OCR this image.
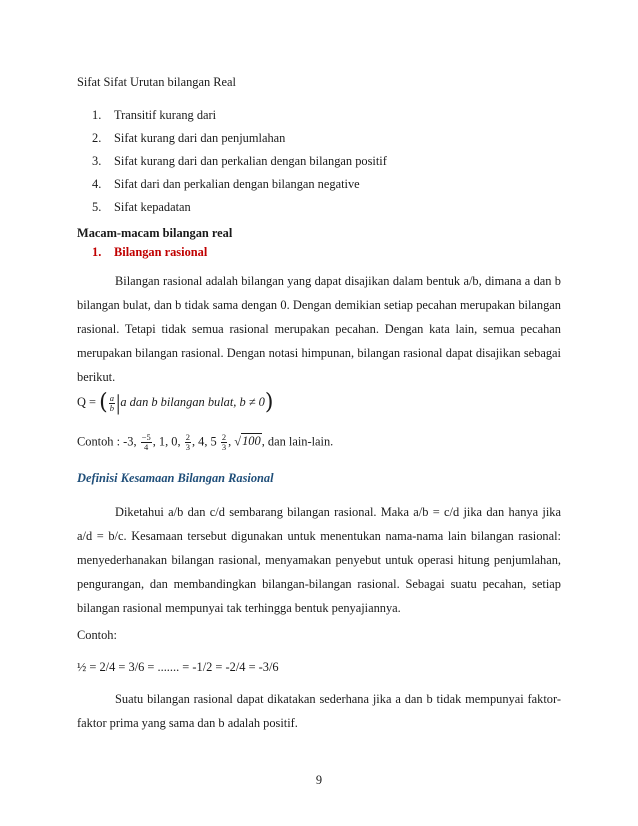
Sifat Sifat Urutan bilangan Real
1. Transitif kurang dari
2. Sifat kurang dari dan penjumlahan
3. Sifat kurang dari dan perkalian dengan bilangan positif
4. Sifat dari dan perkalian dengan bilangan negative
5. Sifat kepadatan
Macam-macam bilangan real
1. Bilangan rasional
Bilangan rasional adalah bilangan yang dapat disajikan dalam bentuk a/b, dimana a dan b
bilangan bulat, dan b tidak sama dengan 0. Dengan demikian setiap pecahan merupakan bilangan
rasional. Tetapi tidak semua rasional merupakan pecahan. Dengan kata lain, semua pecahan
merupakan bilangan rasional. Dengan notasi himpunan, bilangan rasional dapat disajikan sebagai
berikut.
Q = ( $\frac{a}{b} |a$ dan b bilangan bulat, b ≠ 0)
Contoh : -3, $\frac{-5}{4}$ , 1, 0, $\frac{2}{3}$ , 4, $5 \frac{2}{3}$ , √100, dan lain-lain.
Definisi Kesamaan Bilangan Rasional
Diketahui a/b dan c/d sembarang bilangan rasional. Maka a/b = c/d jika dan hanya jika
a/d = b/c. Kesamaan tersebut digunakan untuk menentukan nama-nama lain bilangan rasional:
menyederhanakan bilangan rasional, menyamakan penyebut untuk operasi hitung penjumlahan,
pengurangan, dan membandingkan bilangan-bilangan rasional. Sebagai suatu pecahan, setiap
bilangan rasional mempunyai tak terhingga bentuk penyajiannya.
Contoh:
½ = 2/4 = 3/6 = ....... = -1/2 = -2/4 = -3/6
Suatu bilangan rasional dapat dikatakan sederhana jika a dan b tidak mempunyai faktor-
faktor prima yang sama dan b adalah positif.
9
